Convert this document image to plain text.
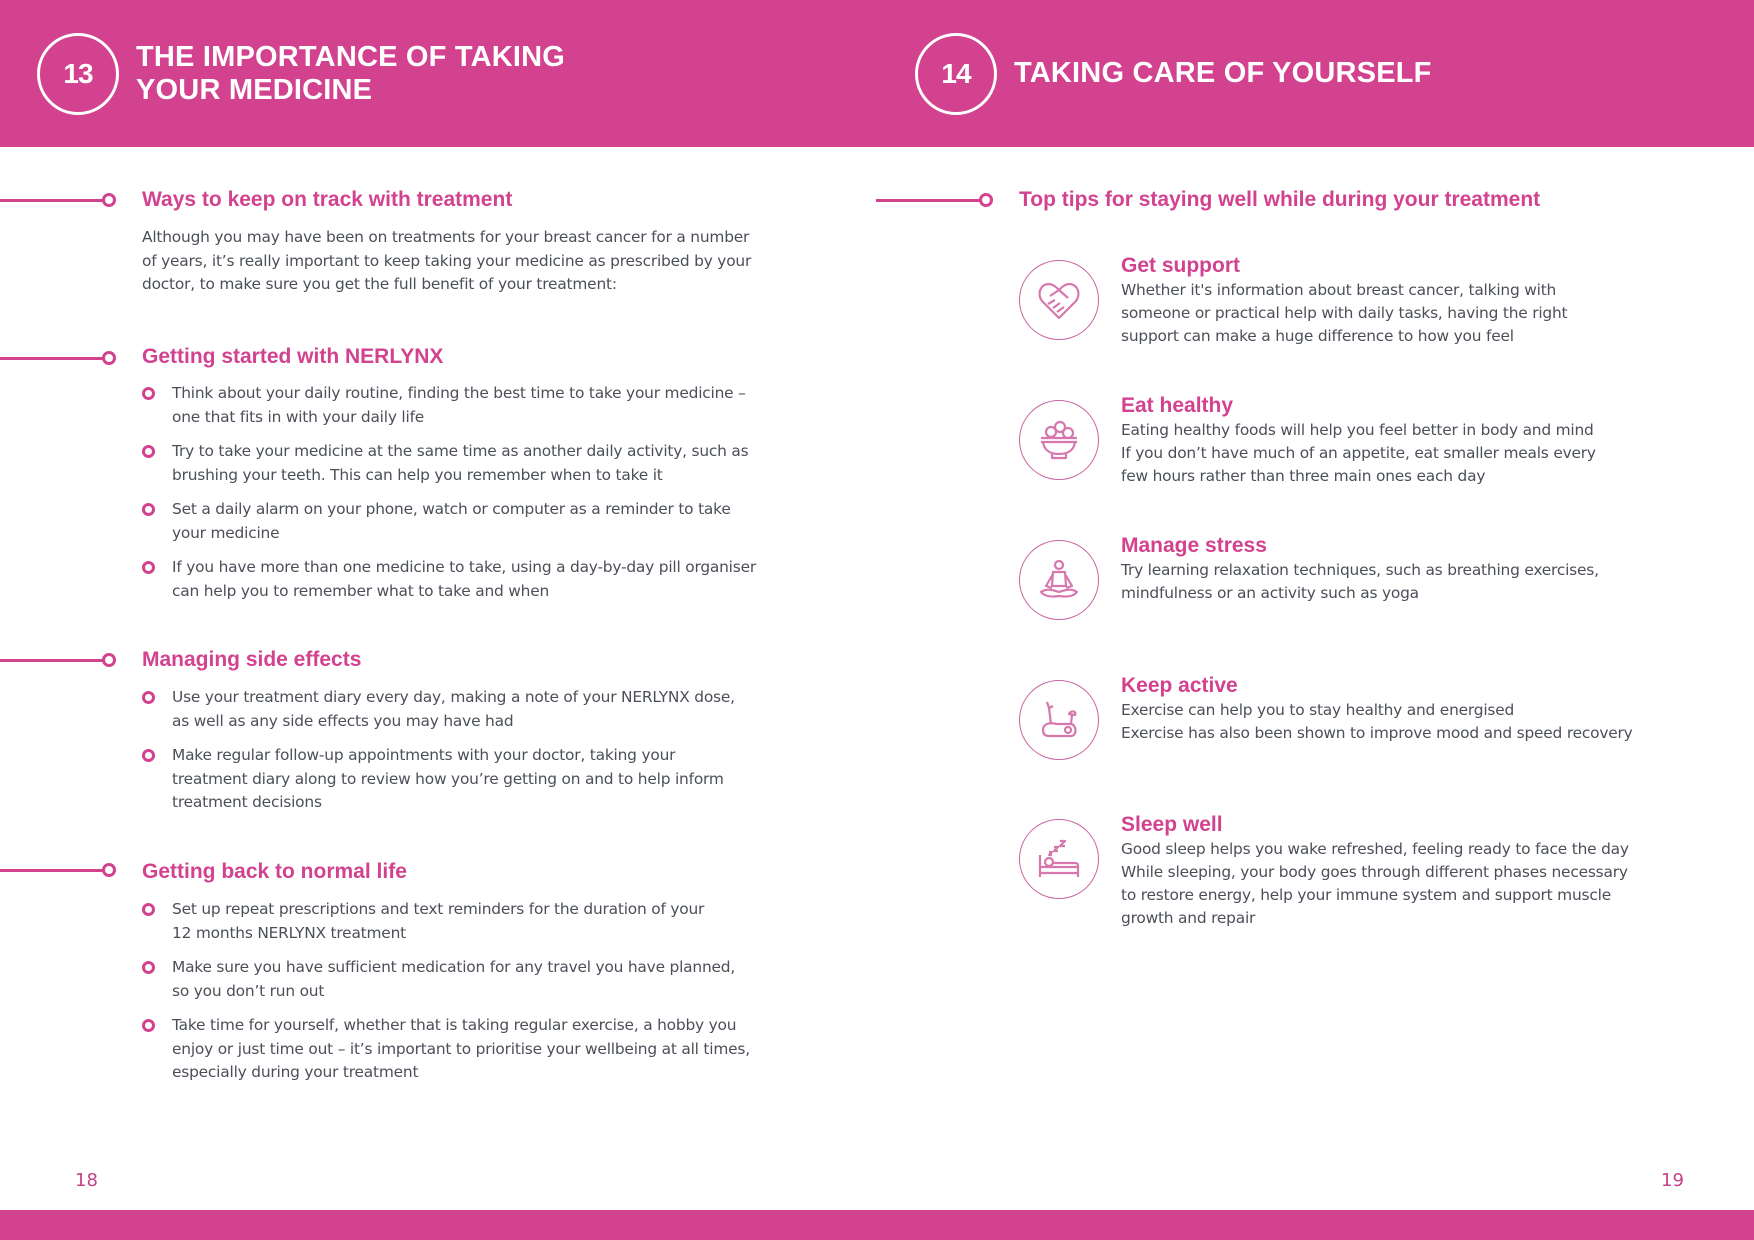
13
THE IMPORTANCE OF TAKING
YOUR MEDICINE
14	TAKING CARE OF YOURSELF
Ways to keep on track with treatment
Although you may have been on treatments for your breast cancer for a number
of years, it’s really important to keep taking your medicine as prescribed by your
doctor, to make sure you get the full benefit of your treatment:
Getting started with NERLYNX
Think about your daily routine, finding the best time to take your medicine –
one that fits in with your daily life
Try to take your medicine at the same time as another daily activity, such as
brushing your teeth. This can help you remember when to take it
Set a daily alarm on your phone, watch or computer as a reminder to take
your medicine
If you have more than one medicine to take, using a day-by-day pill organiser
can help you to remember what to take and when
Managing side effects
Use your treatment diary every day, making a note of your NERLYNX dose,
as well as any side effects you may have had
Make regular follow-up appointments with your doctor, taking your
treatment diary along to review how you’re getting on and to help inform
treatment decisions
Getting back to normal life
Set up repeat prescriptions and text reminders for the duration of your
12 months NERLYNX treatment
Make sure you have sufficient medication for any travel you have planned,
so you don’t run out
Take time for yourself, whether that is taking regular exercise, a hobby you
enjoy or just time out – it’s important to prioritise your wellbeing at all times,
especially during your treatment
18
Top tips for staying well while during your treatment
Get support
Whether it's information about breast cancer, talking with
someone or practical help with daily tasks, having the right
support can make a huge difference to how you feel
Eat healthy
Eating healthy foods will help you feel better in body and mind
If you don’t have much of an appetite, eat smaller meals every
few hours rather than three main ones each day
Manage stress
Try learning relaxation techniques, such as breathing exercises,
mindfulness or an activity such as yoga
Keep active
Exercise can help you to stay healthy and energised
Exercise has also been shown to improve mood and speed recovery
Sleep well
Good sleep helps you wake refreshed, feeling ready to face the day
While sleeping, your body goes through different phases necessary
to restore energy, help your immune system and support muscle
growth and repair
19
